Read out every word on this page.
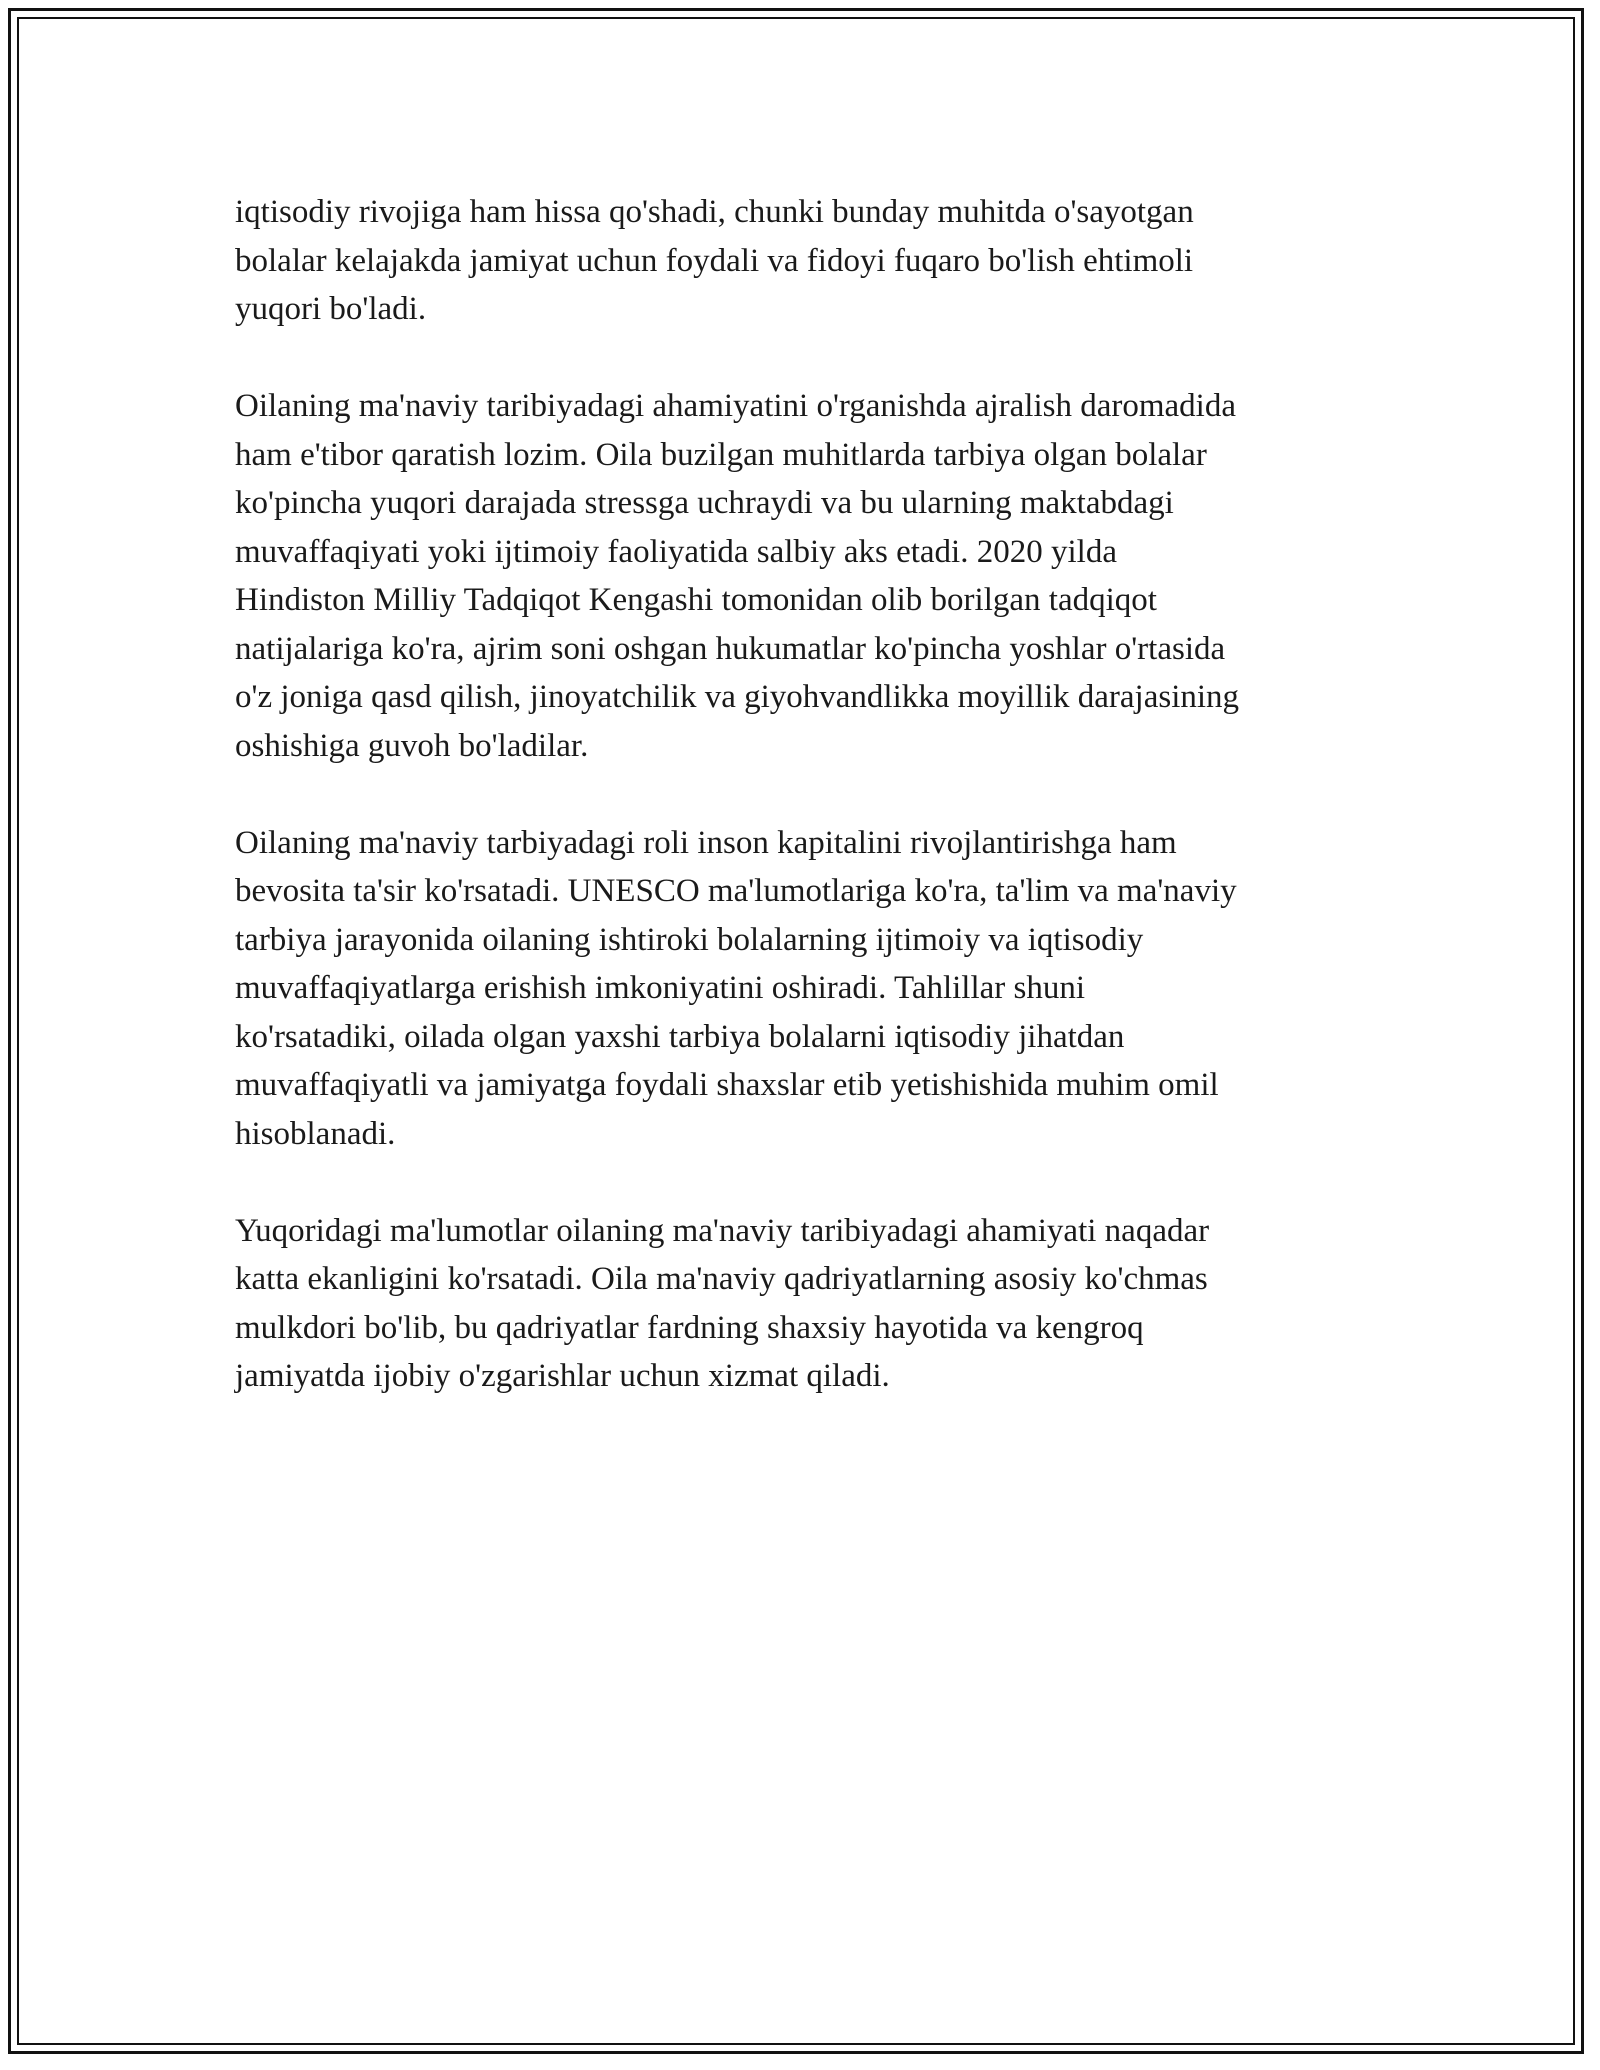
iqtisodiy rivojiga ham hissa qo'shadi, chunki bunday muhitda o'sayotgan
bolalar kelajakda jamiyat uchun foydali va fidoyi fuqaro bo'lish ehtimoli
yuqori bo'ladi.

Oilaning ma'naviy taribiyadagi ahamiyatini o'rganishda ajralish daromadida
ham e'tibor qaratish lozim. Oila buzilgan muhitlarda tarbiya olgan bolalar
ko'pincha yuqori darajada stressga uchraydi va bu ularning maktabdagi
muvaffaqiyati yoki ijtimoiy faoliyatida salbiy aks etadi. 2020 yilda
Hindiston Milliy Tadqiqot Kengashi tomonidan olib borilgan tadqiqot
natijalariga ko'ra, ajrim soni oshgan hukumatlar ko'pincha yoshlar o'rtasida
o'z joniga qasd qilish, jinoyatchilik va giyohvandlikka moyillik darajasining
oshishiga guvoh bo'ladilar.

Oilaning ma'naviy tarbiyadagi roli inson kapitalini rivojlantirishga ham
bevosita ta'sir ko'rsatadi. UNESCO ma'lumotlariga ko'ra, ta'lim va ma'naviy
tarbiya jarayonida oilaning ishtiroki bolalarning ijtimoiy va iqtisodiy
muvaffaqiyatlarga erishish imkoniyatini oshiradi. Tahlillar shuni
ko'rsatadiki, oilada olgan yaxshi tarbiya bolalarni iqtisodiy jihatdan
muvaffaqiyatli va jamiyatga foydali shaxslar etib yetishishida muhim omil
hisoblanadi.

Yuqoridagi ma'lumotlar oilaning ma'naviy taribiyadagi ahamiyati naqadar
katta ekanligini ko'rsatadi. Oila ma'naviy qadriyatlarning asosiy ko'chmas
mulkdori bo'lib, bu qadriyatlar fardning shaxsiy hayotida va kengroq
jamiyatda ijobiy o'zgarishlar uchun xizmat qiladi.
